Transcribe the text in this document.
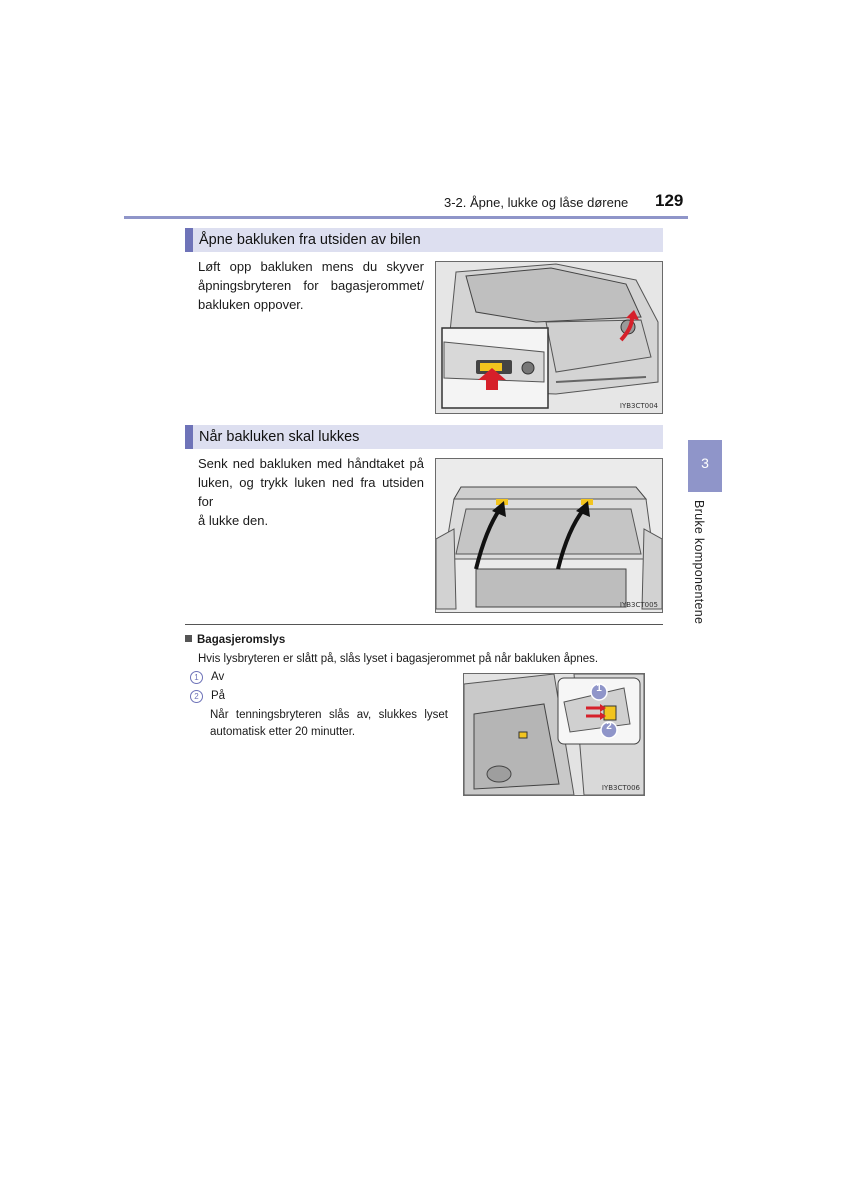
3-2. Åpne, lukke og låse dørene 129
3
Bruke komponentene
Åpne bakluken fra utsiden av bilen
Løft opp bakluken mens du skyver
åpningsbryteren for bagasjerommet/
bakluken oppover.
IYB3CT004
Når bakluken skal lukkes
Senk ned bakluken med håndtaket på
luken, og trykk luken ned fra utsiden for
å lukke den.
IYB3CT005
Bagasjeromslys
Hvis lysbryteren er slått på, slås lyset i bagasjerommet på når bakluken åpnes.
1	Av
2	På
Når tenningsbryteren slås av, slukkes lyset
automatisk etter 20 minutter.
1
2
IYB3CT006
